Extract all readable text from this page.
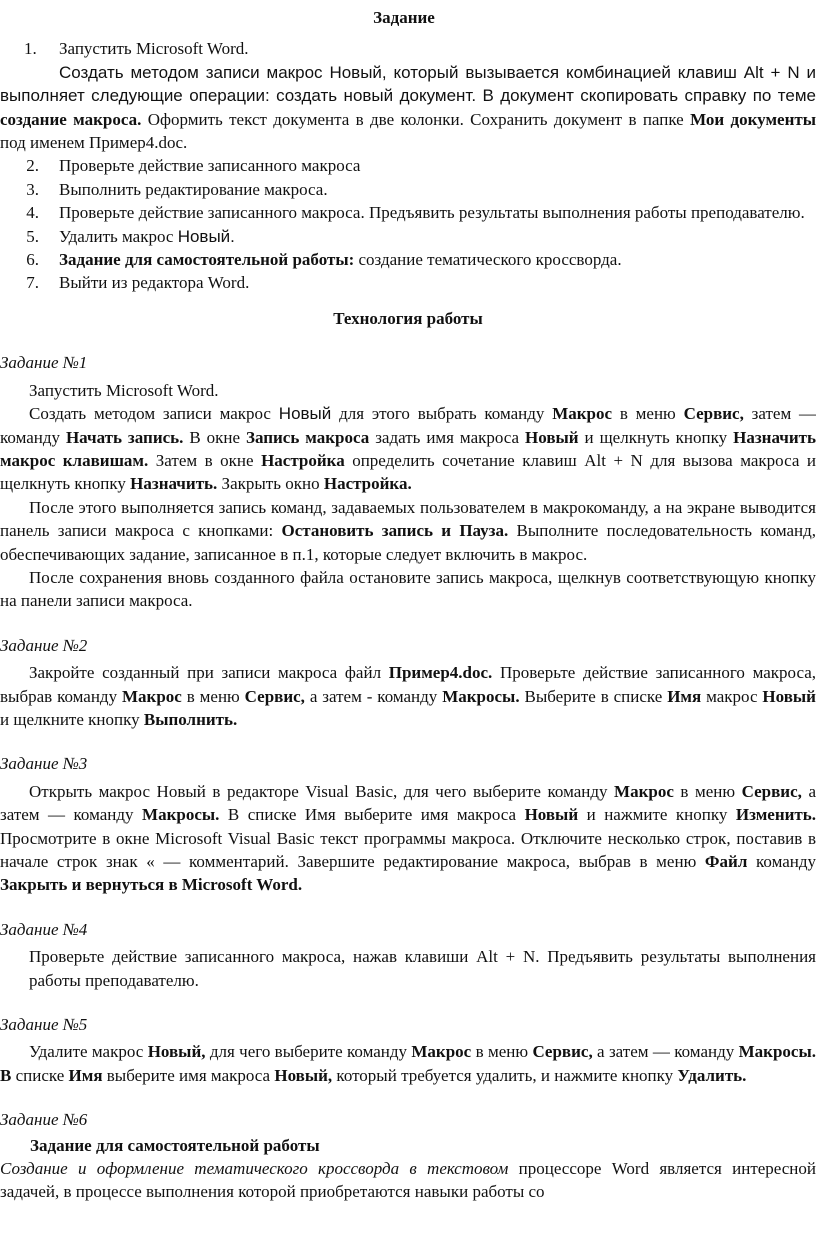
Задание

1. Запустить Microsoft Word.

Создать методом записи макрос Новый, который вызывается комбинацией клавиш Alt + N и выполняет следующие операции: создать новый документ. В документ скопировать справку по теме создание макроса. Оформить текст документа в две колонки. Сохранить документ в папке Мои документы под именем Пример4.doc.

2. Проверьте действие записанного макроса

3. Выполнить редактирование макроса.

4. Проверьте действие записанного макроса. Предъявить результаты выполнения работы преподавателю.

5. Удалить макрос Новый.

6. Задание для самостоятельной работы: создание тематического кроссворда.

7. Выйти из редактора Word.

Технология работы

Задание №1

Запустить Microsoft Word.

Создать методом записи макрос Новый для этого выбрать команду Макрос в меню Сервис, затем — команду Начать запись. В окне Запись макроса задать имя макроса Новый и щелкнуть кнопку Назначить макрос клавишам. Затем в окне Настройка определить сочетание клавиш Alt + N для вызова макроса и щелкнуть кнопку Назначить. Закрыть окно Настройка.

После этого выполняется запись команд, задаваемых пользователем в макрокоманду, а на экране выводится панель записи макроса с кнопками: Остановить запись и Пауза. Выполните последовательность команд, обеспечивающих задание, записанное в п.1, которые следует включить в макрос.

После сохранения вновь созданного файла остановите запись макроса, щелкнув соответствующую кнопку на панели записи макроса.

Задание №2

Закройте созданный при записи макроса файл Пример4.doc. Проверьте действие записанного макроса, выбрав команду Макрос в меню Сервис, а затем - команду Макросы. Выберите в списке Имя макрос Новый и щелкните кнопку Выполнить.

Задание №3

Открыть макрос Новый в редакторе Visual Basic, для чего выберите команду Макрос в меню Сервис, а затем — команду Макросы. В списке Имя выберите имя макроса Новый и нажмите кнопку Изменить. Просмотрите в окне Microsoft Visual Basic текст программы макроса. Отключите несколько строк, поставив в начале строк знак « — комментарий. Завершите редактирование макроса, выбрав в меню Файл команду Закрыть и вернуться в Microsoft Word.

Задание №4

Проверьте действие записанного макроса, нажав клавиши Alt + N. Предъявить результаты выполнения работы преподавателю.

Задание №5

Удалите макрос Новый, для чего выберите команду Макрос в меню Сервис, а затем — команду Макросы. В списке Имя выберите имя макроса Новый, который требуется удалить, и нажмите кнопку Удалить.

Задание №6

Задание для самостоятельной работы

Создание и оформление тематического кроссворда в текстовом процессоре Word является интересной задачей, в процессе выполнения которой приобретаются навыки работы со
